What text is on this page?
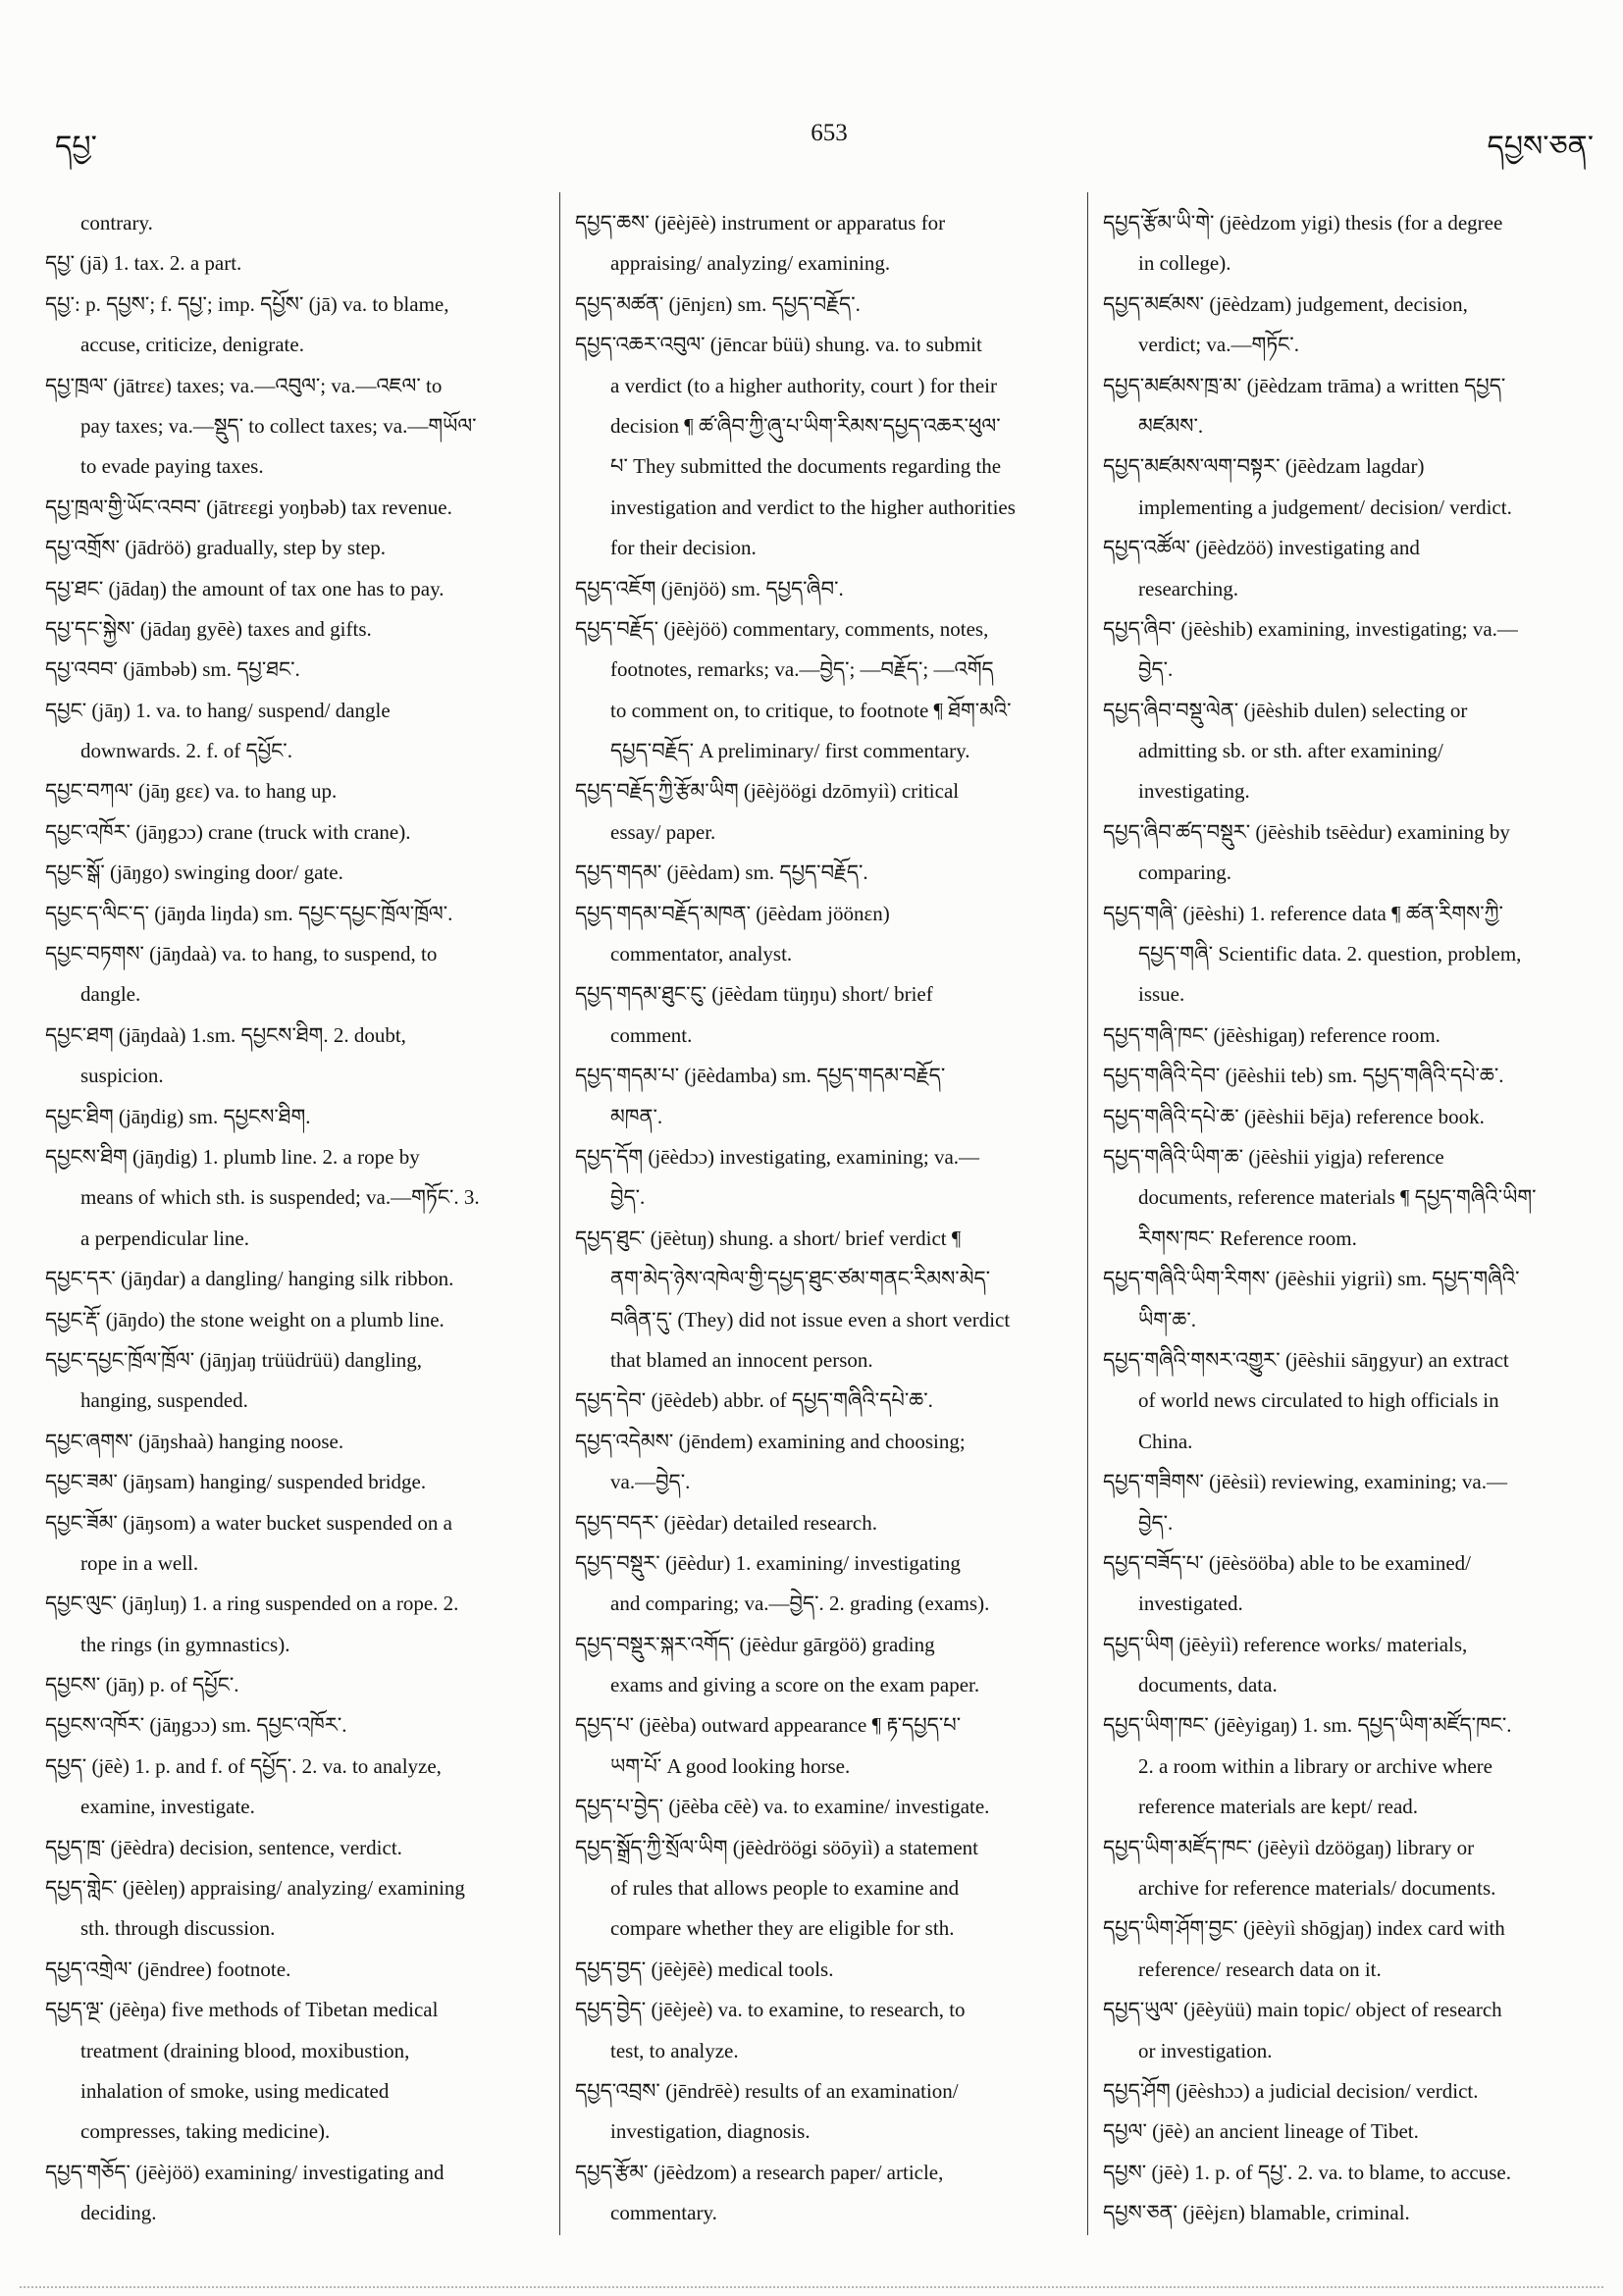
དཔྱ་	653	དཔྱས་ཅན་
contrary.
དཔྱ་ (jā) 1. tax. 2. a part.
དཔྱ་: p. དཔྱས་; f. དཔྱ་; imp. དཔྱོས་ (jā) va. to blame,
accuse, criticize, denigrate.
དཔྱ་ཁྲལ་ (jātrɛɛ) taxes; va.—འབུལ་; va.—འཇལ་ to
pay taxes; va.—སྡུད་ to collect taxes; va.—གཡོལ་
to evade paying taxes.
དཔྱ་ཁྲལ་གྱི་ཡོང་འབབ་ (jātrɛɛgi yoŋbəb) tax revenue.
དཔྱ་འགྲོས་ (jādröö) gradually, step by step.
དཔྱ་ཐང་ (jādaŋ) the amount of tax one has to pay.
དཔྱ་དང་སྐྱེས་ (jādaŋ gyēè) taxes and gifts.
དཔྱ་འབབ་ (jāmbəb) sm. དཔྱ་ཐང་.
དཔྱང་ (jāŋ) 1. va. to hang/ suspend/ dangle
downwards. 2. f. of དཔྱོང་.
དཔྱང་བཀལ་ (jāŋ gɛɛ) va. to hang up.
དཔྱང་འཁོར་ (jāŋgɔɔ) crane (truck with crane).
དཔྱང་སྒོ་ (jāŋgo) swinging door/ gate.
དཔྱང་ད་ལིང་ད་ (jāŋda liŋda) sm. དཔྱང་དཔྱང་ཁྲོལ་ཁྲོལ་.
དཔྱང་བཏགས་ (jāŋdaà) va. to hang, to suspend, to
dangle.
དཔྱང་ཐག (jāŋdaà) 1.sm. དཔྱངས་ཐིག. 2. doubt,
suspicion.
དཔྱང་ཐིག (jāŋdig) sm. དཔྱངས་ཐིག.
དཔྱངས་ཐིག (jāŋdig) 1. plumb line. 2. a rope by
means of which sth. is suspended; va.—གཏོང་. 3.
a perpendicular line.
དཔྱང་དར་ (jāŋdar) a dangling/ hanging silk ribbon.
དཔྱང་རྡོ་ (jāŋdo) the stone weight on a plumb line.
དཔྱང་དཔྱང་ཁྲོལ་ཁྲོལ་ (jāŋjaŋ trüüdrüü) dangling,
hanging, suspended.
དཔྱང་ཞགས་ (jāŋshaà) hanging noose.
དཔྱང་ཟམ་ (jāŋsam) hanging/ suspended bridge.
དཔྱང་ཟོམ་ (jāŋsom) a water bucket suspended on a
rope in a well.
དཔྱང་ལུང་ (jāŋluŋ) 1. a ring suspended on a rope. 2.
the rings (in gymnastics).
དཔྱངས་ (jāŋ) p. of དཔྱོང་.
དཔྱངས་འཁོར་ (jāŋgɔɔ) sm. དཔྱང་འཁོར་.
དཔྱད་ (jēè) 1. p. and f. of དཔྱོད་. 2. va. to analyze,
examine, investigate.
དཔྱད་ཁྲ་ (jēèdra) decision, sentence, verdict.
དཔྱད་གླེང་ (jēèleŋ) appraising/ analyzing/ examining
sth. through discussion.
དཔྱད་འགྲེལ་ (jēndree) footnote.
དཔྱད་ལྔ་ (jēèŋa) five methods of Tibetan medical
treatment (draining blood, moxibustion,
inhalation of smoke, using medicated
compresses, taking medicine).
དཔྱད་གཅོད་ (jēèjöö) examining/ investigating and
deciding.
དཔྱད་ཆས་ (jēèjēè) instrument or apparatus for
appraising/ analyzing/ examining.
དཔྱད་མཚན་ (jēnjɛn) sm. དཔྱད་བརྗོད་.
དཔྱད་འཆར་འབུལ་ (jēncar büü) shung. va. to submit
a verdict (to a higher authority, court ) for their
decision ¶ ཚ་ཞིབ་ཀྱི་ཞུ་པ་ཡིག་རིམས་དཔྱད་འཆར་ཕུལ་
པ་ They submitted the documents regarding the
investigation and verdict to the higher authorities
for their decision.
དཔྱད་འཇོག (jēnjöö) sm. དཔྱད་ཞིབ་.
དཔྱད་བརྗོད་ (jēèjöö) commentary, comments, notes,
footnotes, remarks; va.—བྱེད་; —བརྗོད་; —འགོད
to comment on, to critique, to footnote ¶ ཐོག་མའི་
དཔྱད་བརྗོད་ A preliminary/ first commentary.
དཔྱད་བརྗོད་ཀྱི་རྩོམ་ཡིག (jēèjöögi dzōmyiì) critical
essay/ paper.
དཔྱད་གདམ་ (jēèdam) sm. དཔྱད་བརྗོད་.
དཔྱད་གདམ་བརྗོད་མཁན་ (jēèdam jöönɛn)
commentator, analyst.
དཔྱད་གདམ་ཐུང་ངུ་ (jēèdam tüŋŋu) short/ brief
comment.
དཔྱད་གདམ་པ་ (jēèdamba) sm. དཔྱད་གདམ་བརྗོད་
མཁན་.
དཔྱད་དོག (jēèdɔɔ) investigating, examining; va.—
བྱེད་.
དཔྱད་ཐུང་ (jēètuŋ) shung. a short/ brief verdict ¶
ནག་མེད་ཉེས་འཁེལ་གྱི་དཔྱད་ཐུང་ཙམ་གནང་རིམས་མེད་
བཞིན་དུ་ (They) did not issue even a short verdict
that blamed an innocent person.
དཔྱད་དེབ་ (jēèdeb) abbr. of དཔྱད་གཞིའི་དཔེ་ཆ་.
དཔྱད་འདེམས་ (jēndem) examining and choosing;
va.—བྱེད་.
དཔྱད་བདར་ (jēèdar) detailed research.
དཔྱད་བསྡུར་ (jēèdur) 1. examining/ investigating
and comparing; va.—བྱེད་. 2. grading (exams).
དཔྱད་བསྡུར་སྐར་འགོད་ (jēèdur gārgöö) grading
exams and giving a score on the exam paper.
དཔྱད་པ་ (jēèba) outward appearance ¶ རྟ་དཔྱད་པ་
ཡག་པོ་ A good looking horse.
དཔྱད་པ་བྱེད་ (jēèba cēè) va. to examine/ investigate.
དཔྱད་སྒྲོད་ཀྱི་སྲོལ་ཡིག (jēèdröögi söōyiì) a statement
of rules that allows people to examine and
compare whether they are eligible for sth.
དཔྱད་བྱད་ (jēèjēè) medical tools.
དཔྱད་བྱེད་ (jēèjeè) va. to examine, to research, to
test, to analyze.
དཔྱད་འབྲས་ (jēndrēè) results of an examination/
investigation, diagnosis.
དཔྱད་རྩོམ་ (jēèdzom) a research paper/ article,
commentary.
དཔྱད་རྩོམ་ཡི་གེ་ (jēèdzom yigi) thesis (for a degree
in college).
དཔྱད་མཛམས་ (jēèdzam) judgement, decision,
verdict; va.—གཏོང་.
དཔྱད་མཛམས་ཁྲ་མ་ (jēèdzam trāma) a written དཔྱད་
མཛམས་.
དཔྱད་མཛམས་ལག་བསྟར་ (jēèdzam lagdar)
implementing a judgement/ decision/ verdict.
དཔྱད་འཚོལ་ (jēèdzöö) investigating and
researching.
དཔྱད་ཞིབ་ (jēèshib) examining, investigating; va.—
བྱེད་.
དཔྱད་ཞིབ་བསྡུ་ལེན་ (jēèshib dulen) selecting or
admitting sb. or sth. after examining/
investigating.
དཔྱད་ཞིབ་ཚད་བསྡུར་ (jēèshib tsēèdur) examining by
comparing.
དཔྱད་གཞི་ (jēèshi) 1. reference data ¶ ཚན་རིགས་ཀྱི་
དཔྱད་གཞི་ Scientific data. 2. question, problem,
issue.
དཔྱད་གཞི་ཁང་ (jēèshigaŋ) reference room.
དཔྱད་གཞིའི་དེབ་ (jēèshii teb) sm. དཔྱད་གཞིའི་དཔེ་ཆ་.
དཔྱད་གཞིའི་དཔེ་ཆ་ (jēèshii bēja) reference book.
དཔྱད་གཞིའི་ཡིག་ཆ་ (jēèshii yigja) reference
documents, reference materials ¶ དཔྱད་གཞིའི་ཡིག་
རིགས་ཁང་ Reference room.
དཔྱད་གཞིའི་ཡིག་རིགས་ (jēèshii yigriì) sm. དཔྱད་གཞིའི་
ཡིག་ཆ་.
དཔྱད་གཞིའི་གསར་འགྱུར་ (jēèshii sāŋgyur) an extract
of world news circulated to high officials in
China.
དཔྱད་གཟིགས་ (jēèsiì) reviewing, examining; va.—
བྱེད་.
དཔྱད་བཟོད་པ་ (jēèsööba) able to be examined/
investigated.
དཔྱད་ཡིག (jēèyiì) reference works/ materials,
documents, data.
དཔྱད་ཡིག་ཁང་ (jēèyigaŋ) 1. sm. དཔྱད་ཡིག་མཛོད་ཁང་.
2. a room within a library or archive where
reference materials are kept/ read.
དཔྱད་ཡིག་མཛོད་ཁང་ (jēèyiì dzöögaŋ) library or
archive for reference materials/ documents.
དཔྱད་ཡིག་ཤོག་བྱང་ (jēèyiì shōgjaŋ) index card with
reference/ research data on it.
དཔྱད་ཡུལ་ (jēèyüü) main topic/ object of research
or investigation.
དཔྱད་ཤོག (jēèshɔɔ) a judicial decision/ verdict.
དཔྱལ་ (jēè) an ancient lineage of Tibet.
དཔྱས་ (jēè) 1. p. of དཔྱ་. 2. va. to blame, to accuse.
དཔྱས་ཅན་ (jēèjɛn) blamable, criminal.
